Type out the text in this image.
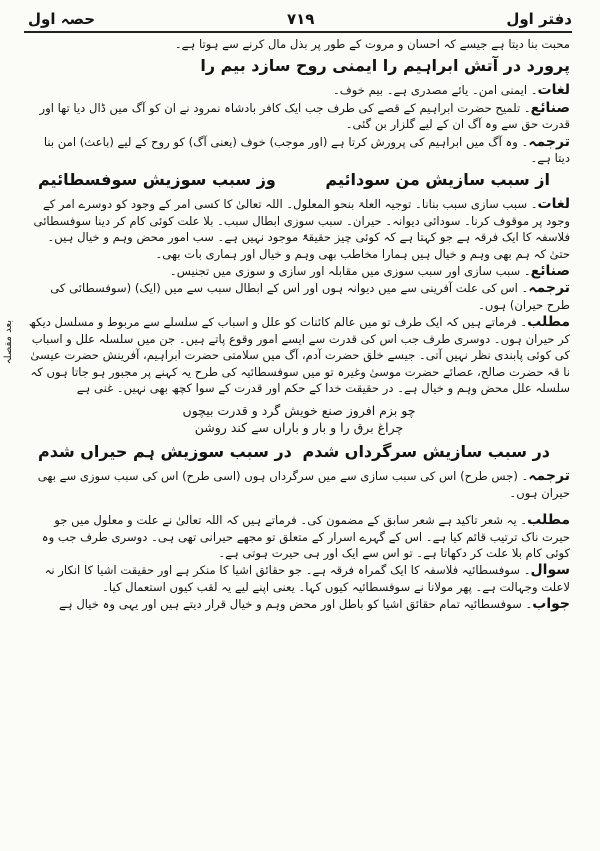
دفتر اول
۷۱۹
حصہ اول
بعد مفصلہ

محبت بنا دیتا ہے جیسے کہ احسان و مروت کے طور پر بذل مال کرنے سے ہوتا ہے۔

پرورد در آتش ابراہیم را ایمنی روح سازد بیم را

لغات۔ ایمنی امن۔ یائے مصدری ہے۔ بیم خوف۔

صنائع۔ تلمیح حضرت ابراہیم کے قصے کی طرف جب ایک کافر بادشاہ نمرود نے ان کو آگ میں ڈال دیا تھا اور قدرت حق سے وہ آگ ان کے لیے گلزار بن گئی۔

ترجمہ۔ وہ آگ میں ابراہیم کی پرورش کرتا ہے (اور موجب) خوف (یعنی آگ) کو روح کے لیے (باعث) امن بنا دیتا ہے۔

از سبب سازیش من سودائیم
وز سبب سوزیش سوفسطائیم

لغات۔ سبب سازی سبب بنانا۔ توجیہ العلۃ بنحو المعلول۔ اللہ تعالیٰ کا کسی امر کے وجود کو دوسرے امر کے وجود پر موقوف کرنا۔ سودائی دیوانہ۔ حیران۔ سبب سوزی ابطال سبب۔ بلا علت کوئی کام کر دینا سوفسطائی فلاسفہ کا ایک فرقہ ہے جو کہتا ہے کہ کوئی چیز حقیقۃً موجود نہیں ہے۔ سب امور محض وہم و خیال ہیں۔ حتیٰ کہ ہم بھی وہم و خیال ہیں ہمارا مخاطب بھی وہم و خیال اور ہماری بات بھی۔

صنائع۔ سبب سازی اور سبب سوزی میں مقابلہ اور سازی و سوزی میں تجنیس۔

ترجمہ۔ اس کی علت آفرینی سے میں دیوانہ ہوں اور اس کے ابطال سبب سے میں (ایک) (سوفسطائی کی طرح حیران) ہوں۔

مطلب۔ فرماتے ہیں کہ ایک طرف تو میں عالم کائنات کو علل و اسباب کے سلسلے سے مربوط و مسلسل دیکھ کر حیران ہوں۔ دوسری طرف جب اس کی قدرت سے ایسے امور وقوع پاتے ہیں۔ جن میں سلسلہ علل و اسباب کی کوئی پابندی نظر نہیں آتی۔ جیسے خلق حضرت آدم، آگ میں سلامتی حضرت ابراہیم، آفرینش حضرت عیسیٰ نا قہ حضرت صالح، عصائے حضرت موسیٰ وغیرہ تو میں سوفسطائیہ کی طرح یہ کہنے پر مجبور ہو جاتا ہوں کہ سلسلہ علل محض وہم و خیال ہے۔ در حقیقت خدا کے حکم اور قدرت کے سوا کچھ بھی نہیں۔ غنی ہے

چو بزم افروز صنع خویش گرد و قدرت بیچوں
چراغ برق را و بار و باراں سے کند روشن

در سبب سازیش سرگرداں شدم
در سبب سوزیش ہم حیراں شدم

ترجمہ۔ (جس طرح) اس کی سبب سازی سے میں سرگرداں ہوں (اسی طرح) اس کی سبب سوزی سے بھی حیران ہوں۔

مطلب۔ یہ شعر تاکید ہے شعر سابق کے مضمون کی۔ فرماتے ہیں کہ اللہ تعالیٰ نے علت و معلول میں جو حیرت ناک ترتیب قائم کیا ہے۔ اس کے گہرے اسرار کے متعلق تو مجھے حیرانی تھی ہی۔ دوسری طرف جب وہ کوئی کام بلا علت کر دکھاتا ہے۔ تو اس سے ایک اور ہی حیرت ہوتی ہے۔

سوال۔ سوفسطائیہ فلاسفہ کا ایک گمراہ فرقہ ہے۔ جو حقائق اشیا کا منکر ہے اور حقیقت اشیا کا انکار نہ لاعلت وجہالت ہے۔ پھر مولانا نے سوفسطائیہ کیوں کہا۔ یعنی اپنے لیے یہ لقب کیوں استعمال کیا۔

جواب۔ سوفسطائیہ تمام حقائق اشیا کو باطل اور محض وہم و خیال قرار دیتے ہیں اور یہی وہ خیال ہے
